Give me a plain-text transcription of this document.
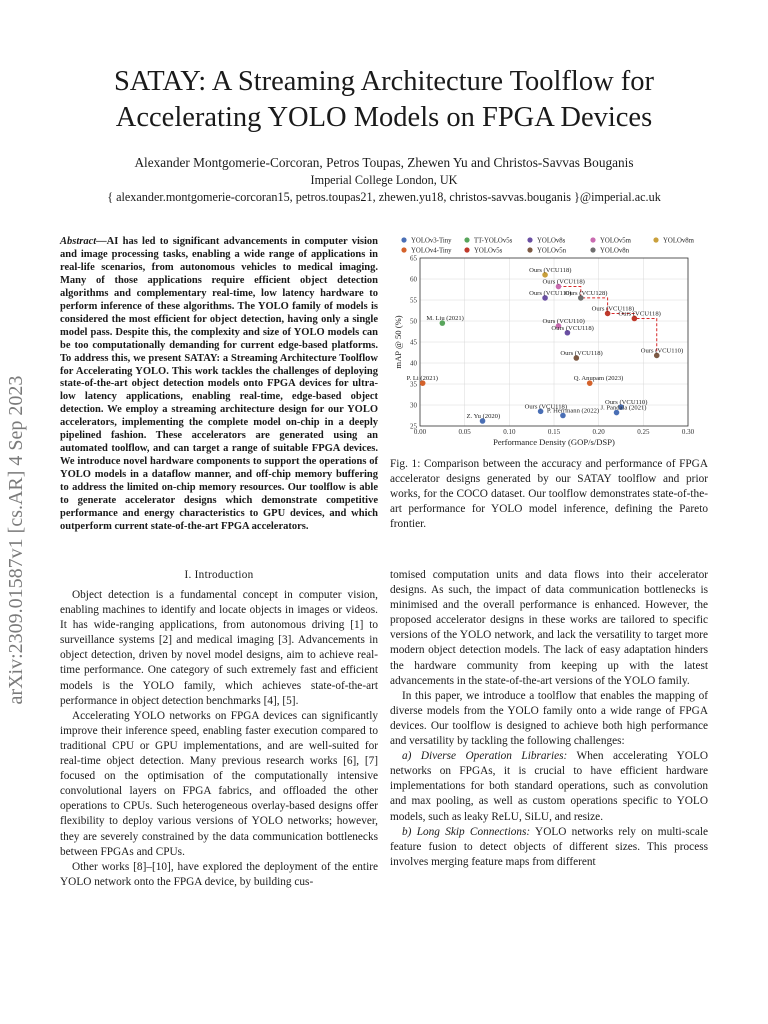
arXiv:2309.01587v1 [cs.AR] 4 Sep 2023
SATAY: A Streaming Architecture Toolflow for
Accelerating YOLO Models on FPGA Devices
Alexander Montgomerie-Corcoran, Petros Toupas, Zhewen Yu and Christos-Savvas Bouganis
Imperial College London, UK
{ alexander.montgomerie-corcoran15, petros.toupas21, zhewen.yu18, christos-savvas.bouganis }@imperial.ac.uk
Abstract—AI has led to significant advancements in computer vision and image processing tasks, enabling a wide range of applications in real-life scenarios, from autonomous vehicles to medical imaging. Many of those applications require efficient object detection algorithms and complementary real-time, low latency hardware to perform inference of these algorithms. The YOLO family of models is considered the most efficient for object detection, having only a single model pass. Despite this, the complexity and size of YOLO models can be too computationally demanding for current edge-based platforms. To address this, we present SATAY: a Streaming Architecture Toolflow for Accelerating YOLO. This work tackles the challenges of deploying state-of-the-art object detection models onto FPGA devices for ultra-low latency applications, enabling real-time, edge-based object detection. We employ a streaming architecture design for our YOLO accelerators, implementing the complete model on-chip in a deeply pipelined fashion. These accelerators are generated using an automated toolflow, and can target a range of suitable FPGA devices. We introduce novel hardware components to support the operations of YOLO models in a dataflow manner, and off-chip memory buffering to address the limited on-chip memory resources. Our toolflow is able to generate accelerator designs which demonstrate competitive performance and energy characteristics to GPU devices, and which outperform current state-of-the-art FPGA accelerators.
I. Introduction

Object detection is a fundamental concept in computer vision, enabling machines to identify and locate objects in images or videos. It has wide-ranging applications, from autonomous driving [1] to surveillance systems [2] and medical imaging [3]. Advancements in object detection, driven by novel model designs, aim to achieve real-time performance. One category of such extremely fast and efficient models is the YOLO family, which achieves state-of-the-art performance in object detection benchmarks [4], [5].

Accelerating YOLO networks on FPGA devices can significantly improve their inference speed, enabling faster execution compared to traditional CPU or GPU implementations, and are well-suited for real-time object detection. Many previous research works [6], [7] focused on the optimisation of the computationally intensive convolutional layers on FPGA fabrics, and offloaded the other operations to CPUs. Such heterogeneous overlay-based designs offer flexibility to deploy various versions of YOLO networks; however, they are severely constrained by the data communication bottlenecks between FPGAs and CPUs.

Other works [8]–[10], have explored the deployment of the entire YOLO network onto the FPGA device, by building cus-

YOLOv3-Tiny	TT-YOLOv5s	YOLOv8s	YOLOv5m	YOLOv8m
YOLOv4-Tiny	YOLOv5s	YOLOv5n	YOLOv8n
0.00	0.05	0.10	0.15	0.20	0.25	0.30
25
30
35
40
45
50
55
60
65
Ours (VCU118)
Ours (VCU118)
Ours (VCU110)
Ours (VCU128)
Ours (VCU118)
Ours (VCU118)
Ours (VCU110)
Ours (VCU118)
Ours (VCU110)
Ours (VCU118)
M. Liu (2021)
P. Li (2021)	Q. Anupam (2023)
Ours (VCU110)
J. Pandala (2021)
Ours (VCU118)
P. Herrmann (2022)
Z. Yu (2020)
Performance Density (GOP/s/DSP)
mAP @ 50 (%)
Fig. 1: Comparison between the accuracy and performance of FPGA accelerator designs generated by our SATAY toolflow and prior works, for the COCO dataset. Our toolflow demonstrates state-of-the-art performance for YOLO model inference, defining the Pareto frontier.

tomised computation units and data flows into their accelerator designs. As such, the impact of data communication bottlenecks is minimised and the overall performance is enhanced. However, the proposed accelerator designs in these works are tailored to specific versions of the YOLO network, and lack the versatility to target more modern object detection models. The lack of easy adaptation hinders the hardware community from keeping up with the latest advancements in the state-of-the-art versions of the YOLO family.

In this paper, we introduce a toolflow that enables the mapping of diverse models from the YOLO family onto a wide range of FPGA devices. Our toolflow is designed to achieve both high performance and versatility by tackling the following challenges:

a) Diverse Operation Libraries: When accelerating YOLO networks on FPGAs, it is crucial to have efficient hardware implementations for both standard operations, such as convolution and max pooling, as well as custom operations specific to YOLO models, such as leaky ReLU, SiLU, and resize.

b) Long Skip Connections: YOLO networks rely on multi-scale feature fusion to detect objects of different sizes. This process involves merging feature maps from different
